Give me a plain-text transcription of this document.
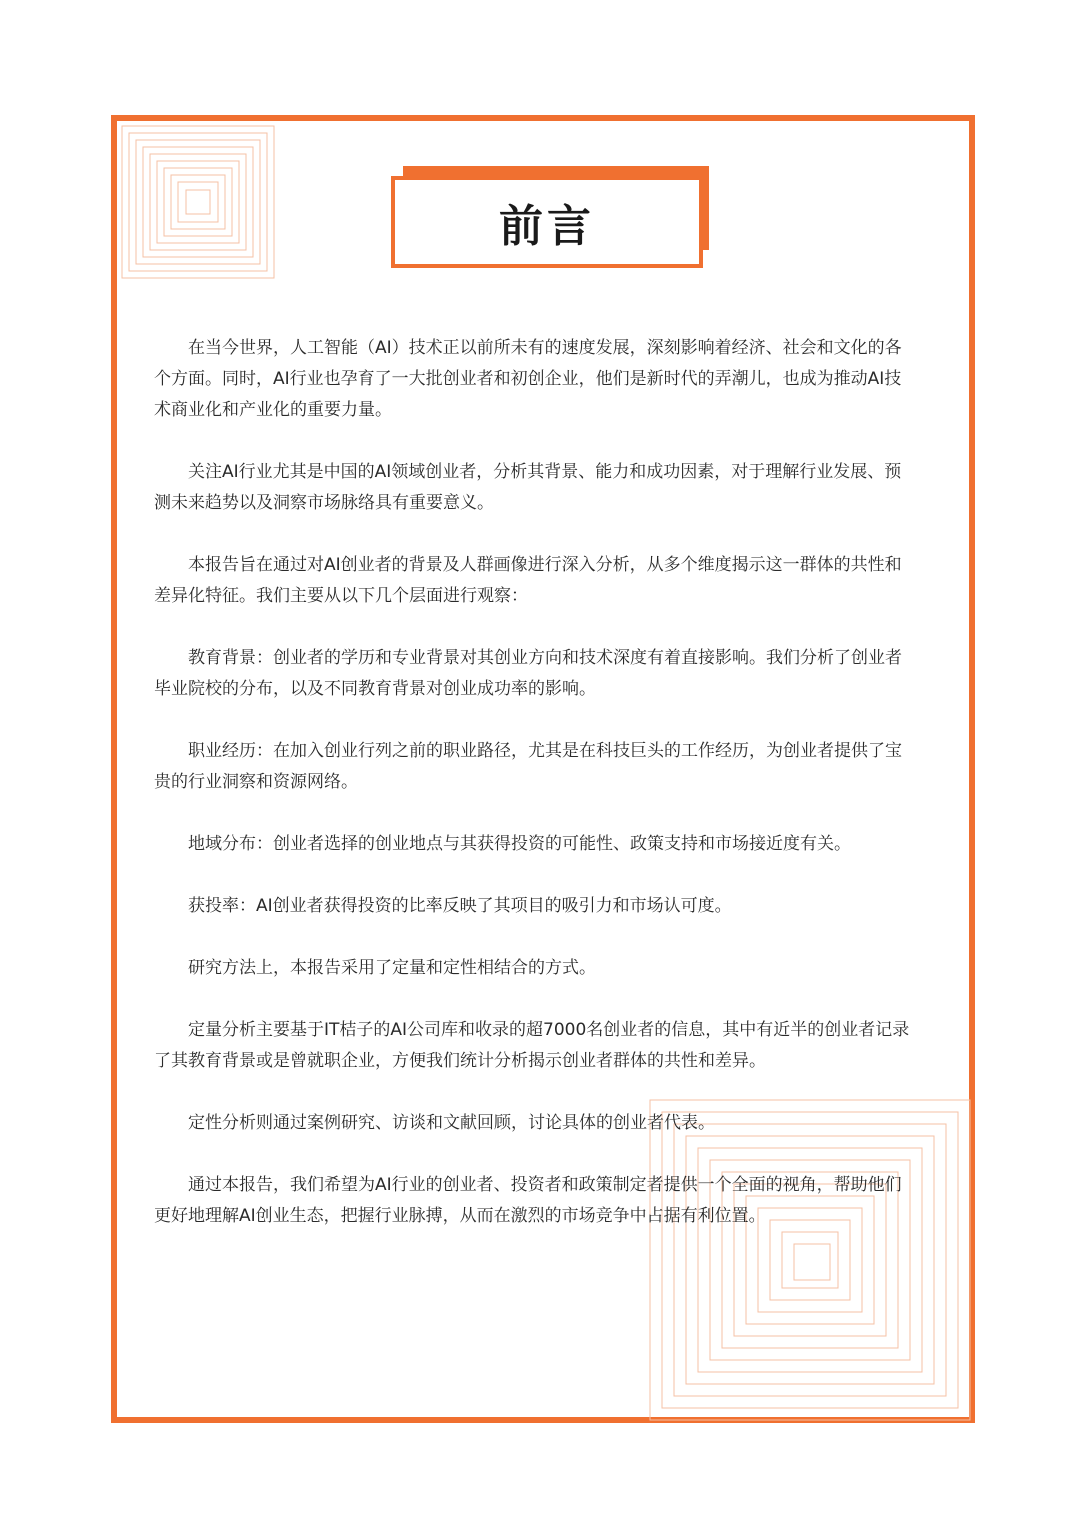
前言

在当今世界，人工智能（AI）技术正以前所未有的速度发展，深刻影响着经济、社会和文化的各个方面。同时，AI行业也孕育了一大批创业者和初创企业，他们是新时代的弄潮儿，也成为推动AI技术商业化和产业化的重要力量。

关注AI行业尤其是中国的AI领域创业者，分析其背景、能力和成功因素，对于理解行业发展、预测未来趋势以及洞察市场脉络具有重要意义。

本报告旨在通过对AI创业者的背景及人群画像进行深入分析，从多个维度揭示这一群体的共性和差异化特征。我们主要从以下几个层面进行观察：

教育背景：创业者的学历和专业背景对其创业方向和技术深度有着直接影响。我们分析了创业者毕业院校的分布，以及不同教育背景对创业成功率的影响。

职业经历：在加入创业行列之前的职业路径，尤其是在科技巨头的工作经历，为创业者提供了宝贵的行业洞察和资源网络。

地域分布：创业者选择的创业地点与其获得投资的可能性、政策支持和市场接近度有关。

获投率：AI创业者获得投资的比率反映了其项目的吸引力和市场认可度。

研究方法上，本报告采用了定量和定性相结合的方式。

定量分析主要基于IT桔子的AI公司库和收录的超7000名创业者的信息，其中有近半的创业者记录了其教育背景或是曾就职企业，方便我们统计分析揭示创业者群体的共性和差异。

定性分析则通过案例研究、访谈和文献回顾，讨论具体的创业者代表。

通过本报告，我们希望为AI行业的创业者、投资者和政策制定者提供一个全面的视角，帮助他们更好地理解AI创业生态，把握行业脉搏，从而在激烈的市场竞争中占据有利位置。
